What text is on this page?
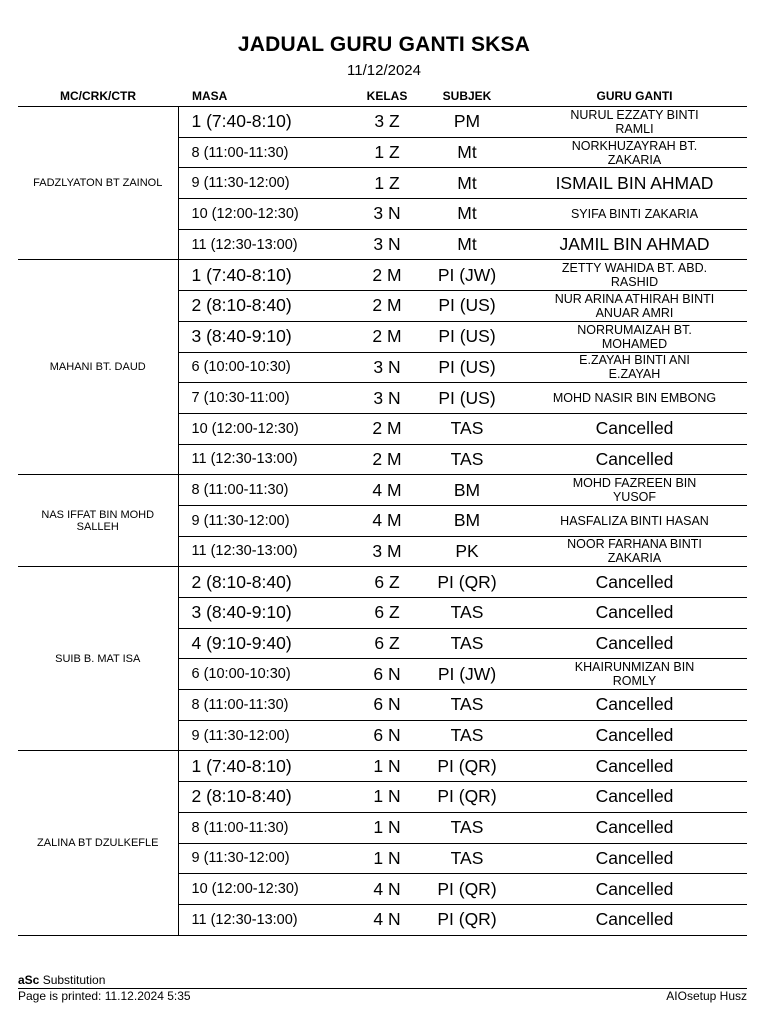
JADUAL GURU GANTI SKSA
11/12/2024
MC/CRK/CTR	MASA	KELAS	SUBJEK	GURU GANTI
FADZLYATON BT ZAINOL	1 (7:40-8:10)	3 Z	PM	NURUL EZZATY BINTI RAMLI
	8 (11:00-11:30)	1 Z	Mt	NORKHUZAYRAH BT. ZAKARIA
	9 (11:30-12:00)	1 Z	Mt	ISMAIL BIN AHMAD
	10 (12:00-12:30)	3 N	Mt	SYIFA BINTI ZAKARIA
	11 (12:30-13:00)	3 N	Mt	JAMIL BIN AHMAD
MAHANI BT. DAUD	1 (7:40-8:10)	2 M	PI (JW)	ZETTY WAHIDA BT. ABD. RASHID
	2 (8:10-8:40)	2 M	PI (US)	NUR ARINA ATHIRAH BINTI ANUAR AMRI
	3 (8:40-9:10)	2 M	PI (US)	NORRUMAIZAH BT. MOHAMED
	6 (10:00-10:30)	3 N	PI (US)	E.ZAYAH BINTI ANI E.ZAYAH
	7 (10:30-11:00)	3 N	PI (US)	MOHD NASIR BIN EMBONG
	10 (12:00-12:30)	2 M	TAS	Cancelled
	11 (12:30-13:00)	2 M	TAS	Cancelled
NAS IFFAT BIN MOHD SALLEH	8 (11:00-11:30)	4 M	BM	MOHD FAZREEN BIN YUSOF
	9 (11:30-12:00)	4 M	BM	HASFALIZA BINTI HASAN
	11 (12:30-13:00)	3 M	PK	NOOR FARHANA BINTI ZAKARIA
SUIB B. MAT ISA	2 (8:10-8:40)	6 Z	PI (QR)	Cancelled
	3 (8:40-9:10)	6 Z	TAS	Cancelled
	4 (9:10-9:40)	6 Z	TAS	Cancelled
	6 (10:00-10:30)	6 N	PI (JW)	KHAIRUNMIZAN BIN ROMLY
	8 (11:00-11:30)	6 N	TAS	Cancelled
	9 (11:30-12:00)	6 N	TAS	Cancelled
ZALINA BT DZULKEFLE	1 (7:40-8:10)	1 N	PI (QR)	Cancelled
	2 (8:10-8:40)	1 N	PI (QR)	Cancelled
	8 (11:00-11:30)	1 N	TAS	Cancelled
	9 (11:30-12:00)	1 N	TAS	Cancelled
	10 (12:00-12:30)	4 N	PI (QR)	Cancelled
	11 (12:30-13:00)	4 N	PI (QR)	Cancelled
aSc Substitution
Page is printed: 11.12.2024 5:35	AIOsetup Husz
